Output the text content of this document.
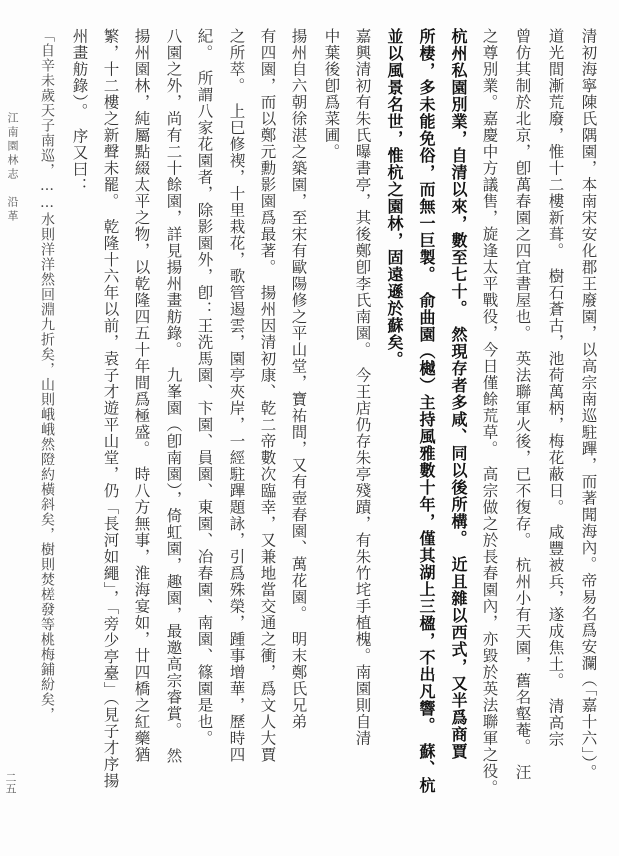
清初海寧陳氏隅園，本南宋安化郡王廢園，以高宗南巡駐蹕，而著聞海內。帝易名爲安瀾（「嘉十六」）。
道光間漸荒廢，惟十二樓新葺。　樹石蒼古，池荷萬柄，梅花蔽日。　咸豐被兵，遂成焦土。　清高宗
曾仿其制於北京，卽萬春園之四宜書屋也。　英法聯軍火後，已不復存。　杭州小有天園，舊名壑菴。　汪
之尊別業。嘉慶中方議售，旋逢太平戰役，今日僅餘荒草。　高宗做之於長春園內，亦毀於英法聯軍之役。
杭州私園別業，自清以來，數至七十。　然現存者多咸、同以後所構。　近且雜以西式，又半爲商賈
所棲，多未能免俗，而無一巨製。　俞曲園（樾）主持風雅數十年，僅其湖上三楹，不出凡響。　蘇、杭
並以風景名世，惟杭之園林，固遠遜於蘇矣。
嘉興清初有朱氏曝書亭，其後鄭卽李氏南園。　今王店仍存朱亭殘蹟，有朱竹垞手植槐。南園則自清
中葉後卽爲菜圃。
揚州自六朝徐湛之築園，至宋有歐陽修之平山堂，寶祐間，又有壺春園、萬花園。　明末鄭氏兄弟
有四園，而以鄭元勳影園爲最著。　揚州因清初康、乾二帝數次臨幸，又兼地當交通之衝，爲文人大賈
之所萃。　上巳修禊，十里栽花，歌管遏雲，園亭夾岸，一經駐蹕題詠，引爲殊榮，踵事增華，歷時四
紀。　所謂八家花園者，除影園外，卽：王洗馬園、卞園、員園、東園、冶春園、南園、篠園是也。
八園之外，尚有二十餘園，詳見揚州畫舫錄。　九峯園（卽南園），倚虹園，趣園，最邀高宗睿賞。　然
揚州園林，純屬點綴太平之物，以乾隆四五十年間爲極盛。　時八方無事，淮海宴如，廿四橋之紅藥猶
繁，十二樓之新聲未罷。　乾隆十六年以前，袁子才遊平山堂，仍「長河如繩」，「旁少亭臺」（見子才序揚
州畫舫錄）。　序又曰：
「自辛未歲天子南巡，……水則洋洋然回淵九折矣，山則峨峨然隥約橫斜矣，樹則焚槎發等桃梅鋪紛矣，
江南園林志　沿革
二五
